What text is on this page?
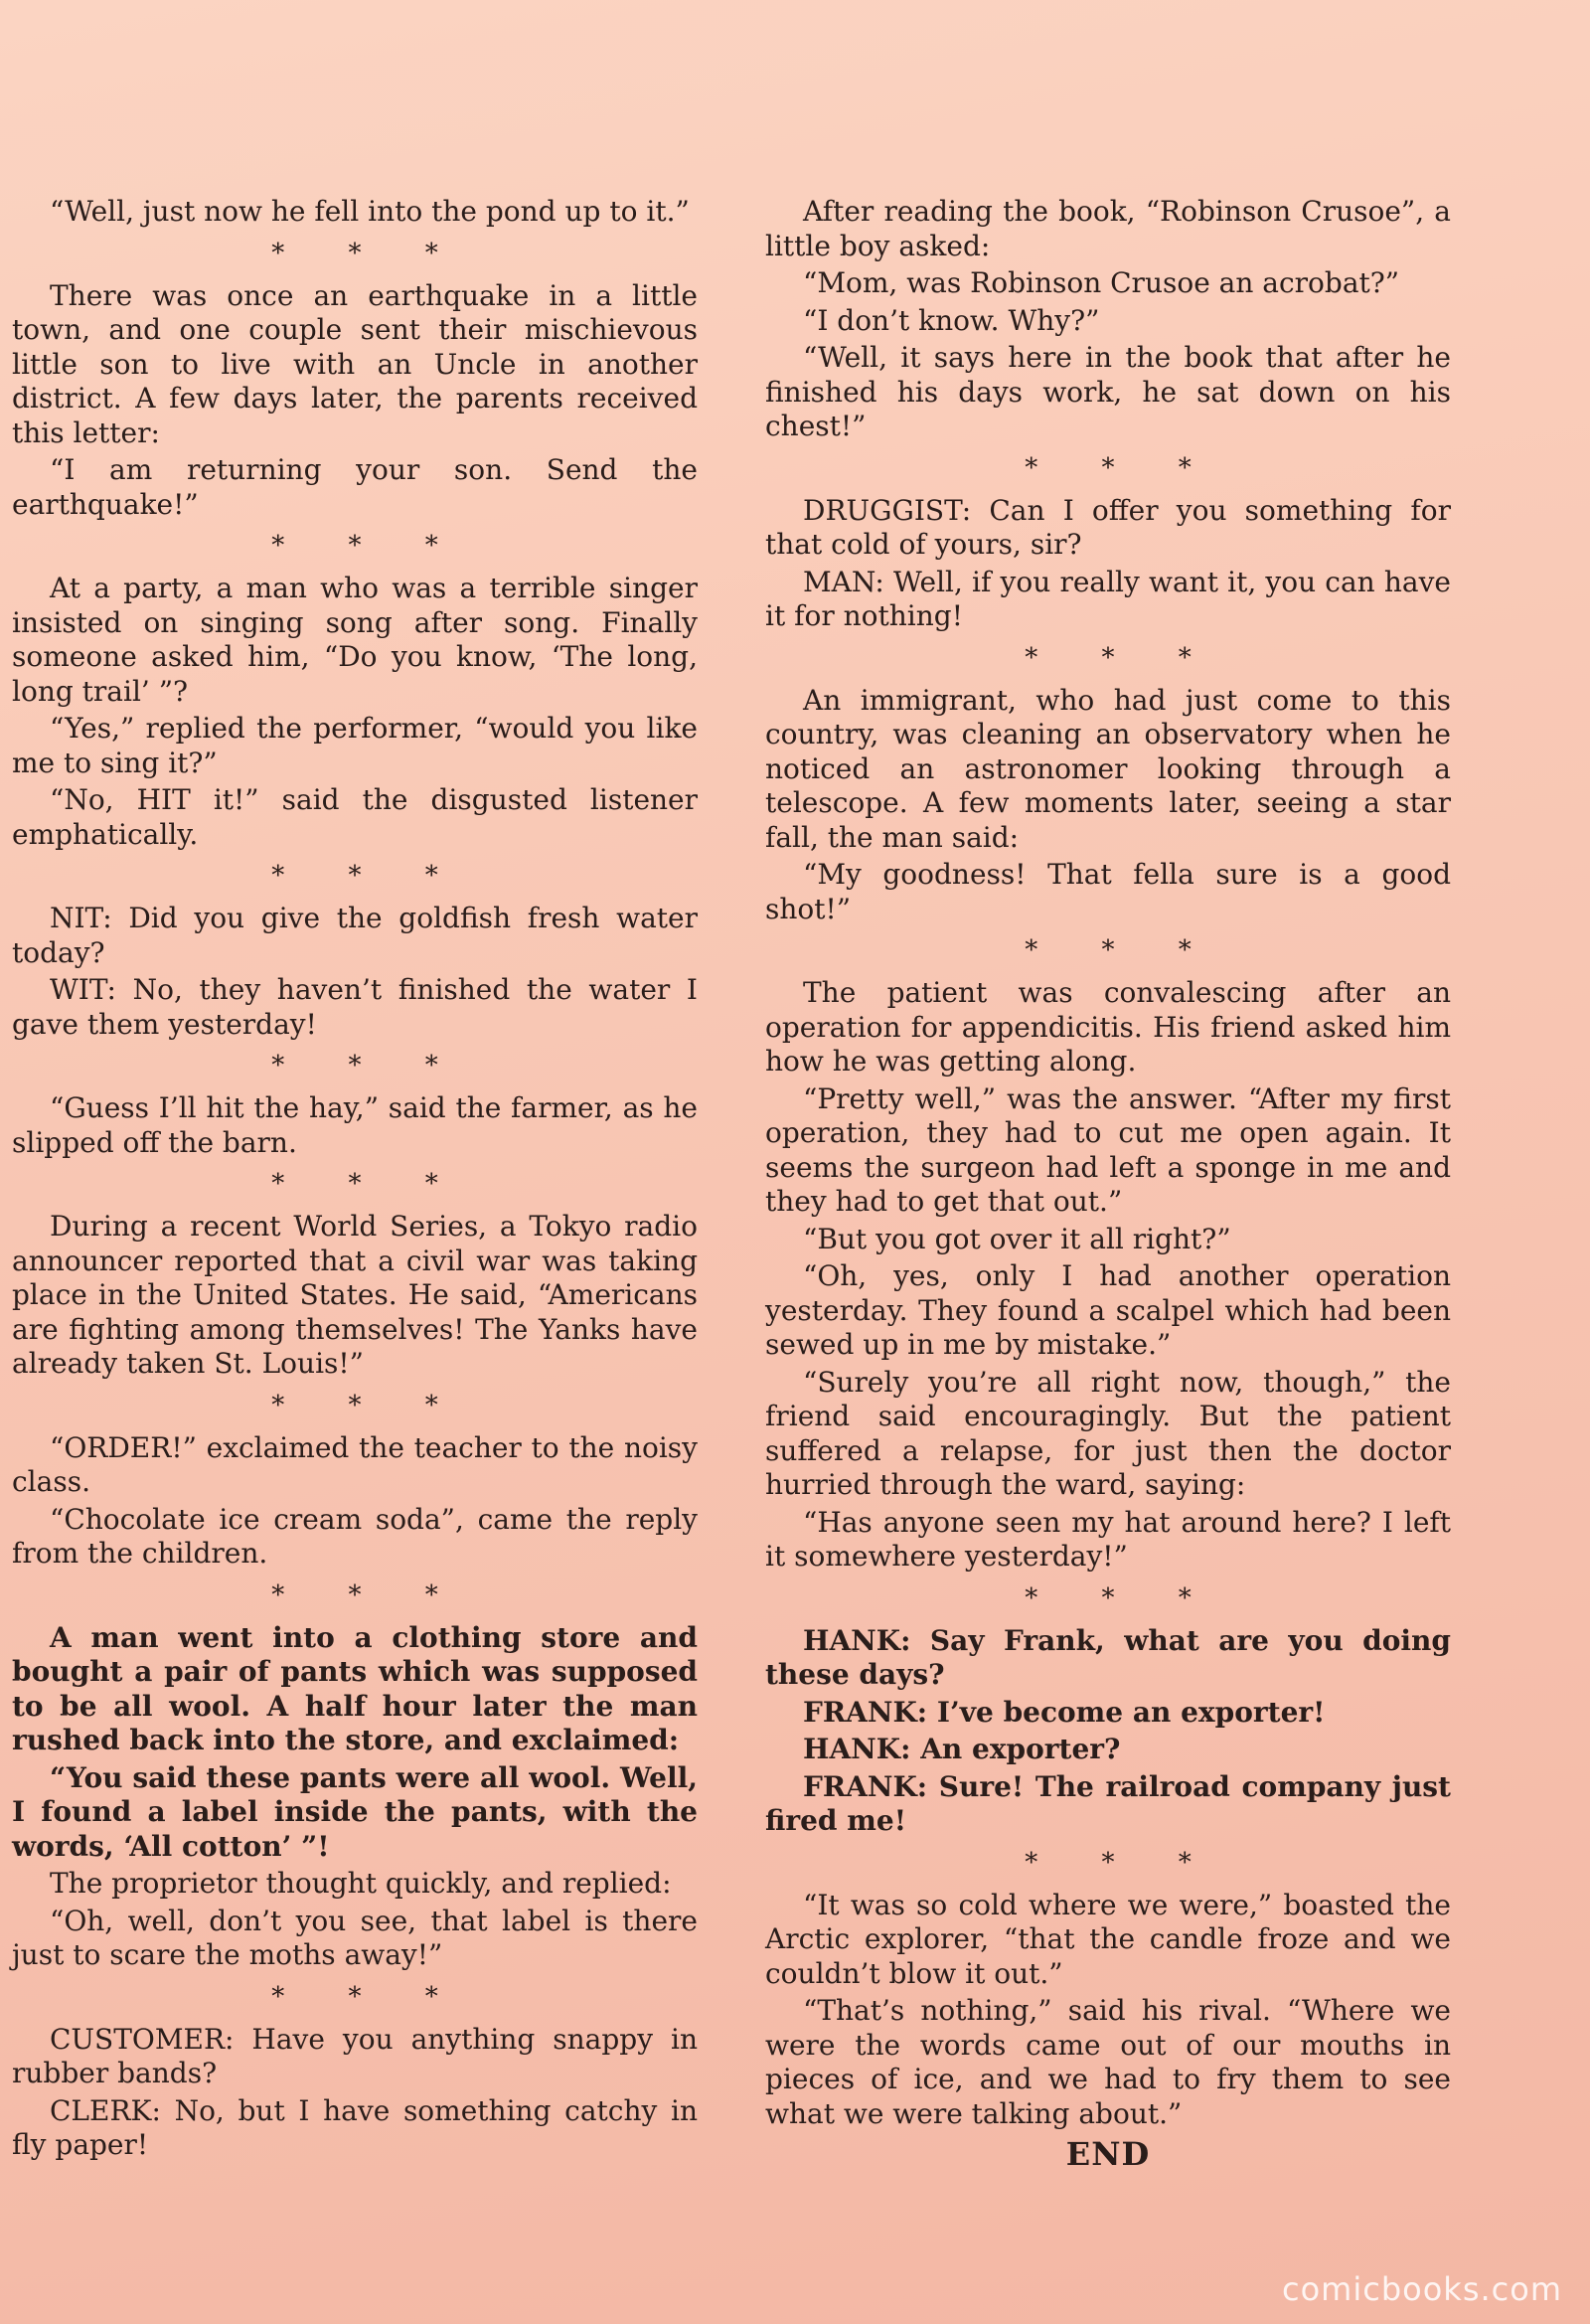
“Well, just now he fell into the pond up to it.”

* * *

There was once an earthquake in a little town, and one couple sent their mischievous little son to live with an Uncle in another district. A few days later, the parents received this letter:

“I am returning your son. Send the earthquake!”

* * *

At a party, a man who was a terrible singer insisted on singing song after song. Finally someone asked him, “Do you know, ‘The long, long trail’ ”?

“Yes,” replied the performer, “would you like me to sing it?”

“No, HIT it!” said the disgusted listener emphatically.

* * *

NIT: Did you give the goldfish fresh water today?

WIT: No, they haven’t finished the water I gave them yesterday!

* * *

“Guess I’ll hit the hay,” said the farmer, as he slipped off the barn.

* * *

During a recent World Series, a Tokyo radio announcer reported that a civil war was taking place in the United States. He said, “Americans are fighting among themselves! The Yanks have already taken St. Louis!”

* * *

“ORDER!” exclaimed the teacher to the noisy class.

“Chocolate ice cream soda”, came the reply from the children.

* * *

A man went into a clothing store and bought a pair of pants which was supposed to be all wool. A half hour later the man rushed back into the store, and exclaimed:

“You said these pants were all wool. Well, I found a label inside the pants, with the words, ‘All cotton’ ”!

The proprietor thought quickly, and replied:

“Oh, well, don’t you see, that label is there just to scare the moths away!”

* * *

CUSTOMER: Have you anything snappy in rubber bands?

CLERK: No, but I have something catchy in fly paper!

After reading the book, “Robinson Crusoe”, a little boy asked:

“Mom, was Robinson Crusoe an acrobat?”

“I don’t know. Why?”

“Well, it says here in the book that after he finished his days work, he sat down on his chest!”

* * *

DRUGGIST: Can I offer you something for that cold of yours, sir?

MAN: Well, if you really want it, you can have it for nothing!

* * *

An immigrant, who had just come to this country, was cleaning an observatory when he noticed an astronomer looking through a telescope. A few moments later, seeing a star fall, the man said:

“My goodness! That fella sure is a good shot!”

* * *

The patient was convalescing after an operation for appendicitis. His friend asked him how he was getting along.

“Pretty well,” was the answer. “After my first operation, they had to cut me open again. It seems the surgeon had left a sponge in me and they had to get that out.”

“But you got over it all right?”

“Oh, yes, only I had another operation yesterday. They found a scalpel which had been sewed up in me by mistake.”

“Surely you’re all right now, though,” the friend said encouragingly. But the patient suffered a relapse, for just then the doctor hurried through the ward, saying:

“Has anyone seen my hat around here? I left it somewhere yesterday!”

* * *

HANK: Say Frank, what are you doing these days?

FRANK: I’ve become an exporter!

HANK: An exporter?

FRANK: Sure! The railroad company just fired me!

* * *

“It was so cold where we were,” boasted the Arctic explorer, “that the candle froze and we couldn’t blow it out.”

“That’s nothing,” said his rival. “Where we were the words came out of our mouths in pieces of ice, and we had to fry them to see what we were talking about.”

END
comicbooks.com
